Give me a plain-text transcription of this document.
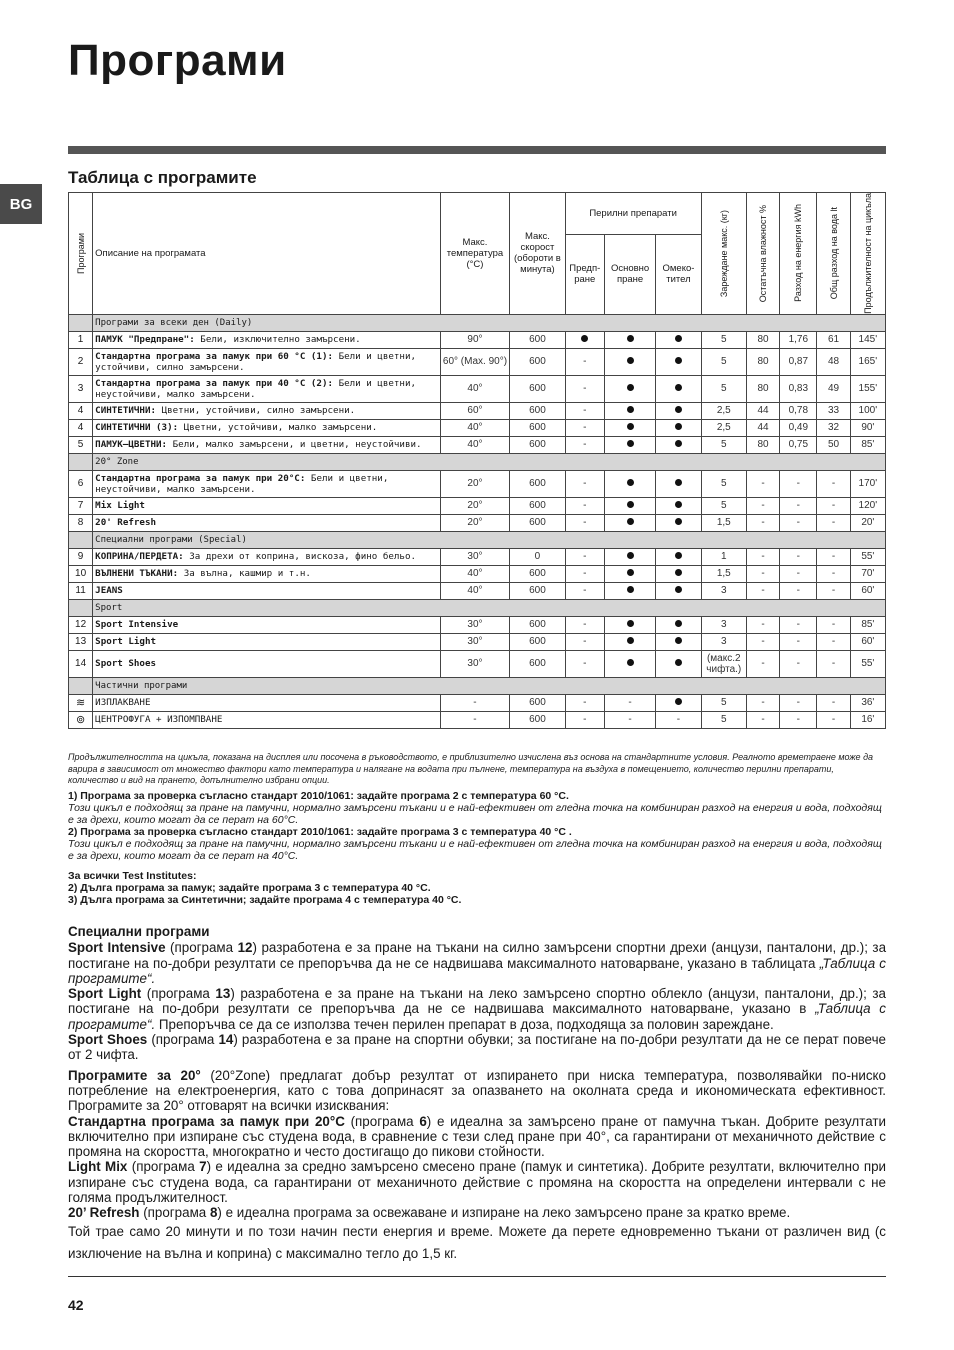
Програми
BG
Таблица с програмите
Програми	Описание на програмата	Макс. температура (°C)	Макс. скорост (обороти в минута)	Перилни препарати			Зареждане макс. (кг)	Остатъчна влажност %	Разход на енергия kWh	Общ разход на вода lt	Продължителност на цикъла

				Предп- ране	Основно пране	Омеко- тител					
	Програми за всеки ден (Daily)										
1	ПАМУК "Предпране": Бели, изключително замърсени.	90°	600				5	80	1,76	61	145'
2	Стандартна програма за памук при 60 °C (1): Бели и цветни, устойчиви, силно замърсени.	60° (Max. 90°)	600	-			5	80	0,87	48	165'
3	Стандартна програма за памук при 40 °C (2): Бели и цветни, неустойчиви, малко замърсени.	40°	600	-			5	80	0,83	49	155'
4	СИНТЕТИЧНИ: Цветни, устойчиви, силно замърсени.	60°	600	-			2,5	44	0,78	33	100'
4	СИНТЕТИЧНИ (3): Цветни, устойчиви, малко замърсени.	40°	600	-			2,5	44	0,49	32	90'
5	ПАМУК–ЦВЕТНИ: Бели, малко замърсени, и цветни, неустойчиви.	40°	600	-			5	80	0,75	50	85'
	20° Zone										
6	Стандартна програма за памук при 20°C: Бели и цветни, неустойчиви, малко замърсени.	20°	600	-			5	-	-	-	170'
7	Mix Light	20°	600	-			5	-	-	-	120'
8	20' Refresh	20°	600	-			1,5	-	-	-	20'
	Специални програми (Special)										
9	КОПРИНА/ПЕРДЕТА: За дрехи от коприна, вискоза, фино бельо.	30°	0	-			1	-	-	-	55'
10	ВЪЛНЕНИ ТЪКАНИ: За вълна, кашмир и т.н.	40°	600	-			1,5	-	-	-	70'
11	JEANS	40°	600	-			3	-	-	-	60'
	Sport										
12	Sport Intensive	30°	600	-			3	-	-	-	85'
13	Sport Light	30°	600	-			3	-	-	-	60'
14	Sport Shoes	30°	600	-			(макс.2 чифта.)	-	-	-	55'
	Частични програми										
≋	ИЗПЛАКВАНЕ	-	600	-	-		5	-	-	-	36'
⊚	ЦЕНТРОФУГА + ИЗПОМПВАНЕ	-	600	-	-	-	5	-	-	-	16'
Продължителността на цикъла, показана на дисплея или посочена в ръководството, е приблизително изчислена въз основа на стандартните условия. Реалното времетраене може да варира в зависимост от множество фактори като температура и налягане на водата при пълнене, температура на въздуха в помещението, количество перилни препарати, количество и вид на прането, допълнително избрани опции.
1) Програма за проверка съгласно стандарт 2010/1061: задайте програма 2 с температура 60 °C.
Този цикъл е подходящ за пране на памучни, нормално замърсени тъкани и е най-ефективен от гледна точка на комбиниран разход на енергия и вода, подходящ е за дрехи, които могат да се перат на 60°C.
2) Програма за проверка съгласно стандарт 2010/1061: задайте програма 3 с температура 40 °C .
Този цикъл е подходящ за пране на памучни, нормално замърсени тъкани и е най-ефективен от гледна точка на комбиниран разход на енергия и вода, подходящ е за дрехи, които могат да се перат на 40°C.
За всички Test Institutes:
2) Дълга програма за памук; задайте програма 3 с температура 40 °C.
3) Дълга програма за Синтетични; задайте програма 4 с температура 40 °C.

Специални програми

Sport Intensive (програма 12) разработена е за пране на тъкани на силно замърсени спортни дрехи (анцузи, панталони, др.); за постигане на по-добри резултати се препоръчва да не се надвишава максималното натоварване, указано в таблицата „Таблица с програмите“.

Sport Light (програма 13) разработена е за пране на тъкани на леко замърсено спортно облекло (анцузи, панталони, др.); за постигане на по-добри резултати се препоръчва да не се надвишава максималното натоварване, указано в „Таблица с програмите“. Препоръчва се да се използва течен перилен препарат в доза, подходяща за половин зареждане.

Sport Shoes (програма 14) разработена е за пране на спортни обувки; за постигане на по-добри резултати да не се перат повече от 2 чифта.

Програмите за 20° (20°Zone) предлагат добър резултат от изпирането при ниска температура, позволявайки по-ниско потребление на електроенергия, като с това допринасят за опазването на околната среда и икономическата ефективност. Програмите за 20° отговарят на всички изисквания:

Стандартна програма за памук при 20°C (програма 6) е идеална за замърсено пране от памучна тъкан. Добрите резултати включително при изпиране със студена вода, в сравнение с тези след пране при 40°, са гарантирани от механичното действие с промяна на скоростта, многократно и често достигащо до пикови стойности.

Light Mix (програма 7) е идеална за средно замърсено смесено пране (памук и синтетика). Добрите резултати, включително при изпиране със студена вода, са гарантирани от механичното действие с промяна на скоростта на определени интервали с не голяма продължителност.

20’ Refresh (програма 8) е идеална програма за освежаване и изпиране на леко замърсено пране за кратко време.

Той трае само 20 минути и по този начин пести енергия и време. Можете да перете едновременно тъкани от различен вид (с изключение на вълна и коприна) с максимално тегло до 1,5 кг.

42
